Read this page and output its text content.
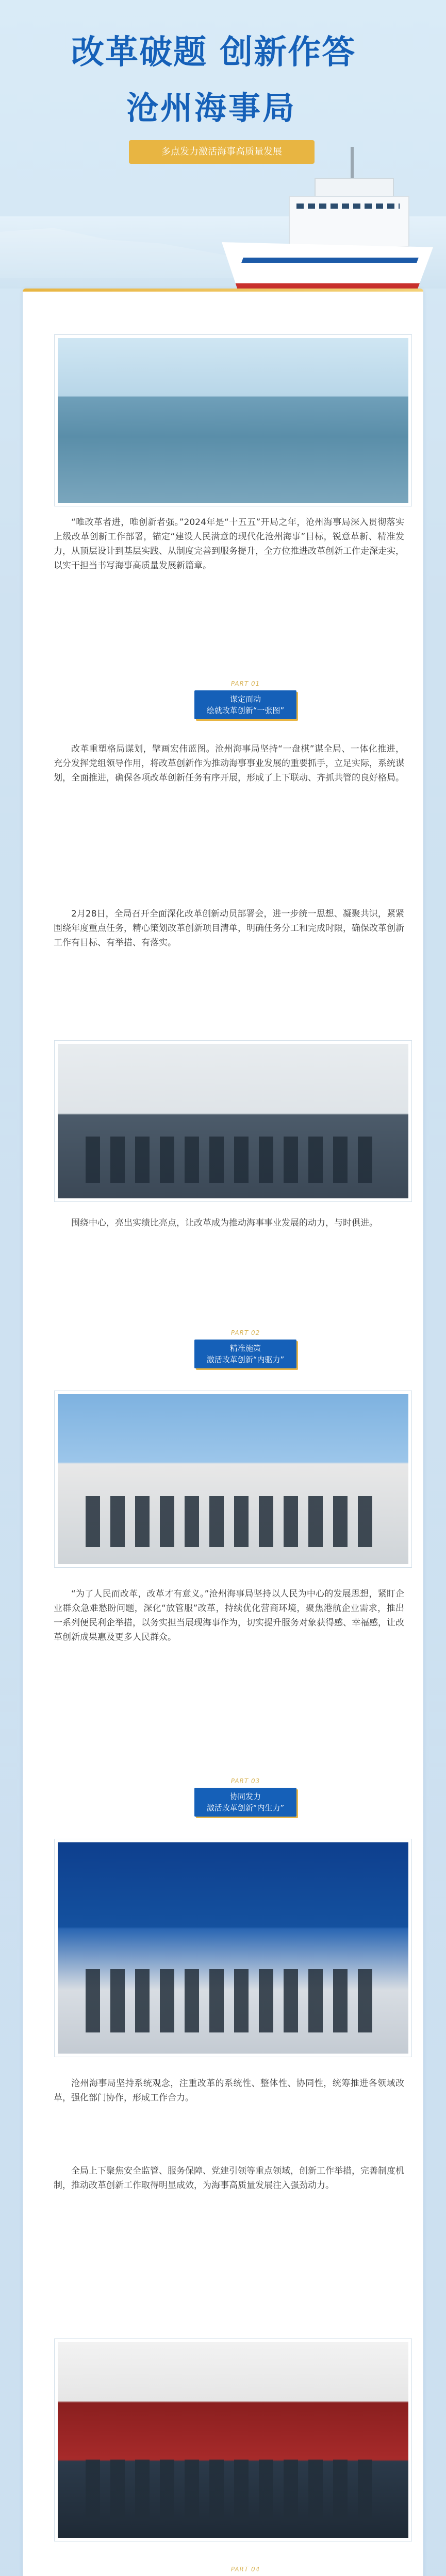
改革破题 创新作答
沧州海事局
多点发力激活海事高质量发展
“唯改革者进，唯创新者强。”2024年是“十五五”开局之年，沧州海事局深入贯彻落实上级改革创新工作部署，锚定“建设人民满意的现代化沧州海事”目标，锐意革新、精准发力，从顶层设计到基层实践、从制度完善到服务提升，全方位推进改革创新工作走深走实，以实干担当书写海事高质量发展新篇章。
PART 01
谋定而动
绘就改革创新“一张图”
改革重塑格局谋划，擘画宏伟蓝图。沧州海事局坚持“一盘棋”谋全局、一体化推进，充分发挥党组领导作用，将改革创新作为推动海事事业发展的重要抓手，立足实际，系统谋划，全面推进，确保各项改革创新任务有序开展，形成了上下联动、齐抓共管的良好格局。
2月28日，全局召开全面深化改革创新动员部署会，进一步统一思想、凝聚共识，紧紧围绕年度重点任务，精心策划改革创新项目清单，明确任务分工和完成时限，确保改革创新工作有目标、有举措、有落实。
围绕中心，亮出实绩比亮点，让改革成为推动海事事业发展的动力，与时俱进。
PART 02
精准施策
激活改革创新“内驱力”
“为了人民而改革，改革才有意义。”沧州海事局坚持以人民为中心的发展思想，紧盯企业群众急难愁盼问题，深化“放管服”改革，持续优化营商环境，聚焦港航企业需求，推出一系列便民利企举措，以务实担当展现海事作为，切实提升服务对象获得感、幸福感，让改革创新成果惠及更多人民群众。
PART 03
协同发力
激活改革创新“内生力”
沧州海事局坚持系统观念，注重改革的系统性、整体性、协同性，统筹推进各领域改革，强化部门协作，形成工作合力。
全局上下聚焦安全监管、服务保障、党建引领等重点领域，创新工作举措，完善制度机制，推动改革创新工作取得明显成效，为海事高质量发展注入强劲动力。
PART 04
